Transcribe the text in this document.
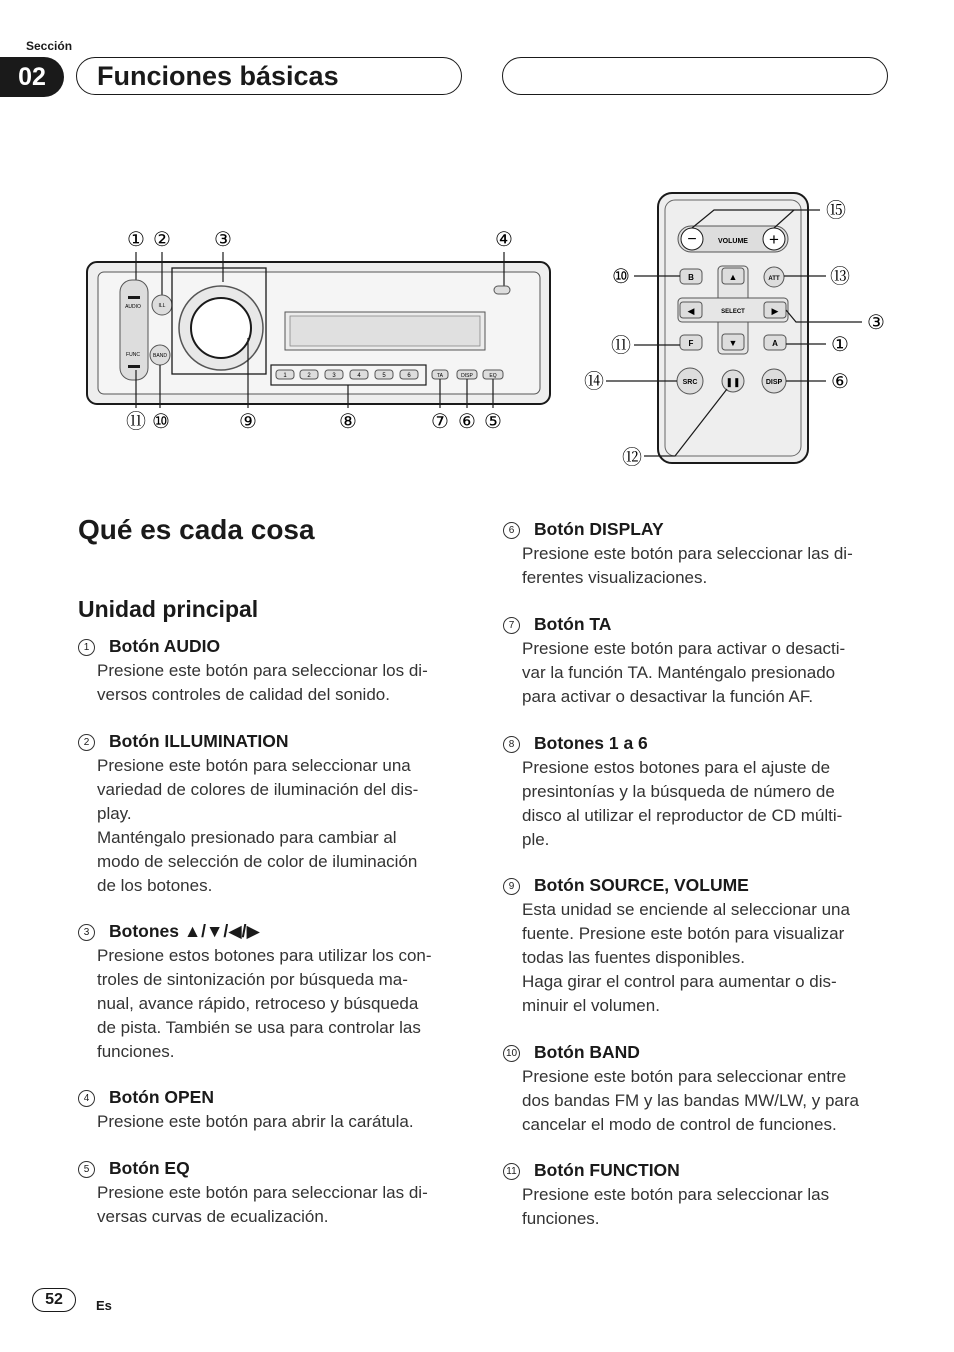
Sección
02	Funciones básicas
① ② ③	④
AUDIO
FUNC
ILL
BAND
1	2	3	4	5	6	TA	DISP	EQ
⑪ ⑩	⑨	⑧	⑦ ⑥ ⑤
−	+
VOLUME
B	ATT
▲
▼
◀	▶
SELECT
F	A
SRC	❚❚	DISP
⑮
⑩	⑬
③
⑪	①
⑭	⑥
⑫
Qué es cada cosa
Unidad principal
1	Botón AUDIO
Presione este botón para seleccionar los di-
versos controles de calidad del sonido.
2	Botón ILLUMINATION
Presione este botón para seleccionar una
variedad de colores de iluminación del dis-
play.
Manténgalo presionado para cambiar al
modo de selección de color de iluminación
de los botones.
3	Botones ▲/▼/◀/▶
Presione estos botones para utilizar los con-
troles de sintonización por búsqueda ma-
nual, avance rápido, retroceso y búsqueda
de pista. También se usa para controlar las
funciones.
4	Botón OPEN
Presione este botón para abrir la carátula.
5	Botón EQ
Presione este botón para seleccionar las di-
versas curvas de ecualización.
6	Botón DISPLAY
Presione este botón para seleccionar las di-
ferentes visualizaciones.
7	Botón TA
Presione este botón para activar o desacti-
var la función TA. Manténgalo presionado
para activar o desactivar la función AF.
8	Botones 1 a 6
Presione estos botones para el ajuste de
presintonías y la búsqueda de número de
disco al utilizar el reproductor de CD múlti-
ple.
9	Botón SOURCE, VOLUME
Esta unidad se enciende al seleccionar una
fuente. Presione este botón para visualizar
todas las fuentes disponibles.
Haga girar el control para aumentar o dis-
minuir el volumen.
10 Botón BAND
Presione este botón para seleccionar entre
dos bandas FM y las bandas MW/LW, y para
cancelar el modo de control de funciones.
11 Botón FUNCTION
Presione este botón para seleccionar las
funciones.
52	Es
